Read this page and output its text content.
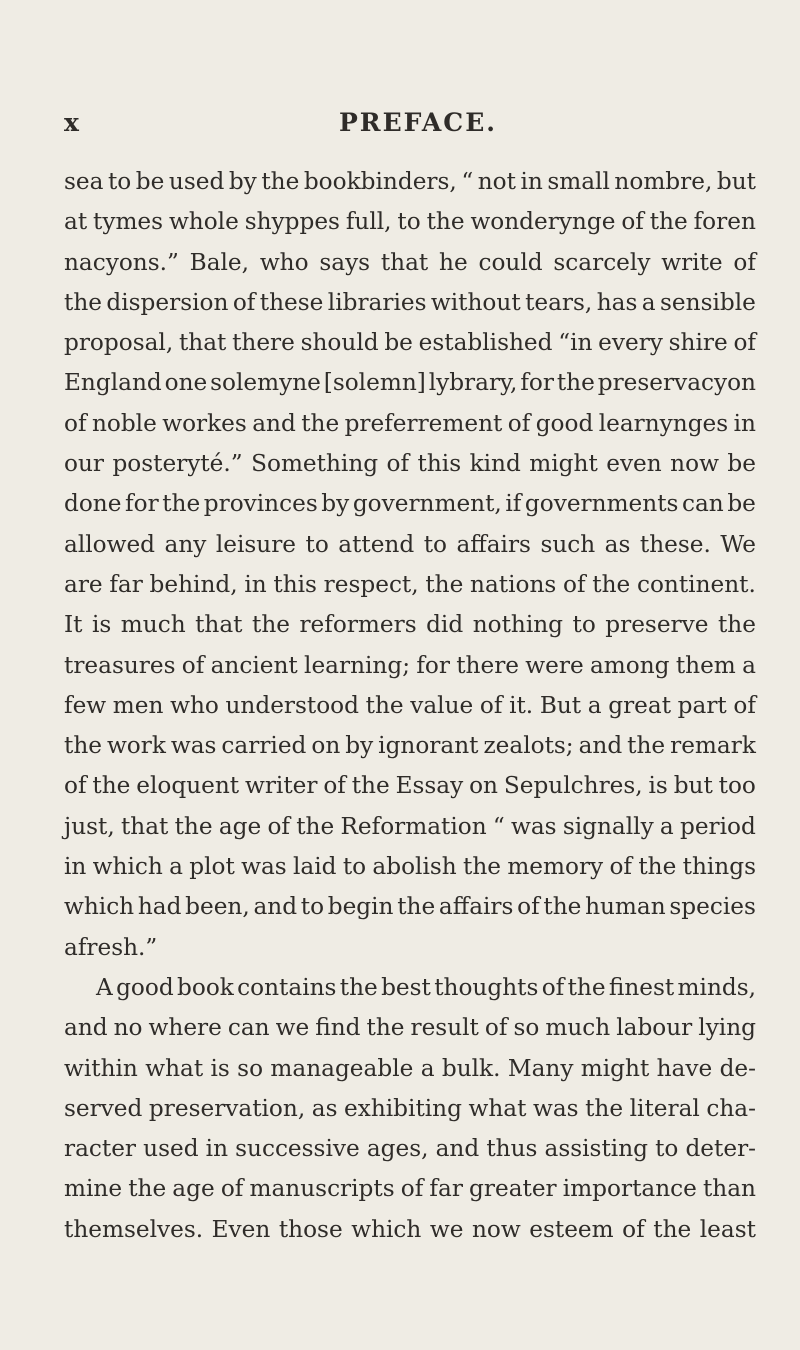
x	PREFACE.
sea to be used by the bookbinders, “ not in small nombre, but
at tymes whole shyppes full, to the wonderynge of the foren
nacyons.” Bale, who says that he could scarcely write of
the dispersion of these libraries without tears, has a sensible
proposal, that there should be established “in every shire of
England one solemyne [solemn] lybrary, for the preservacyon
of noble workes and the preferrement of good learnynges in
our posteryté.” Something of this kind might even now be
done for the provinces by government, if governments can be
allowed any leisure to attend to affairs such as these. We
are far behind, in this respect, the nations of the continent.
It is much that the reformers did nothing to preserve the
treasures of ancient learning; for there were among them a
few men who understood the value of it. But a great part of
the work was carried on by ignorant zealots; and the remark
of the eloquent writer of the Essay on Sepulchres, is but too
just, that the age of the Reformation “ was signally a period
in which a plot was laid to abolish the memory of the things
which had been, and to begin the affairs of the human species
afresh.”
A good book contains the best thoughts of the finest minds,
and no where can we find the result of so much labour lying
within what is so manageable a bulk. Many might have de-
served preservation, as exhibiting what was the literal cha-
racter used in successive ages, and thus assisting to deter-
mine the age of manuscripts of far greater importance than
themselves. Even those which we now esteem of the least
